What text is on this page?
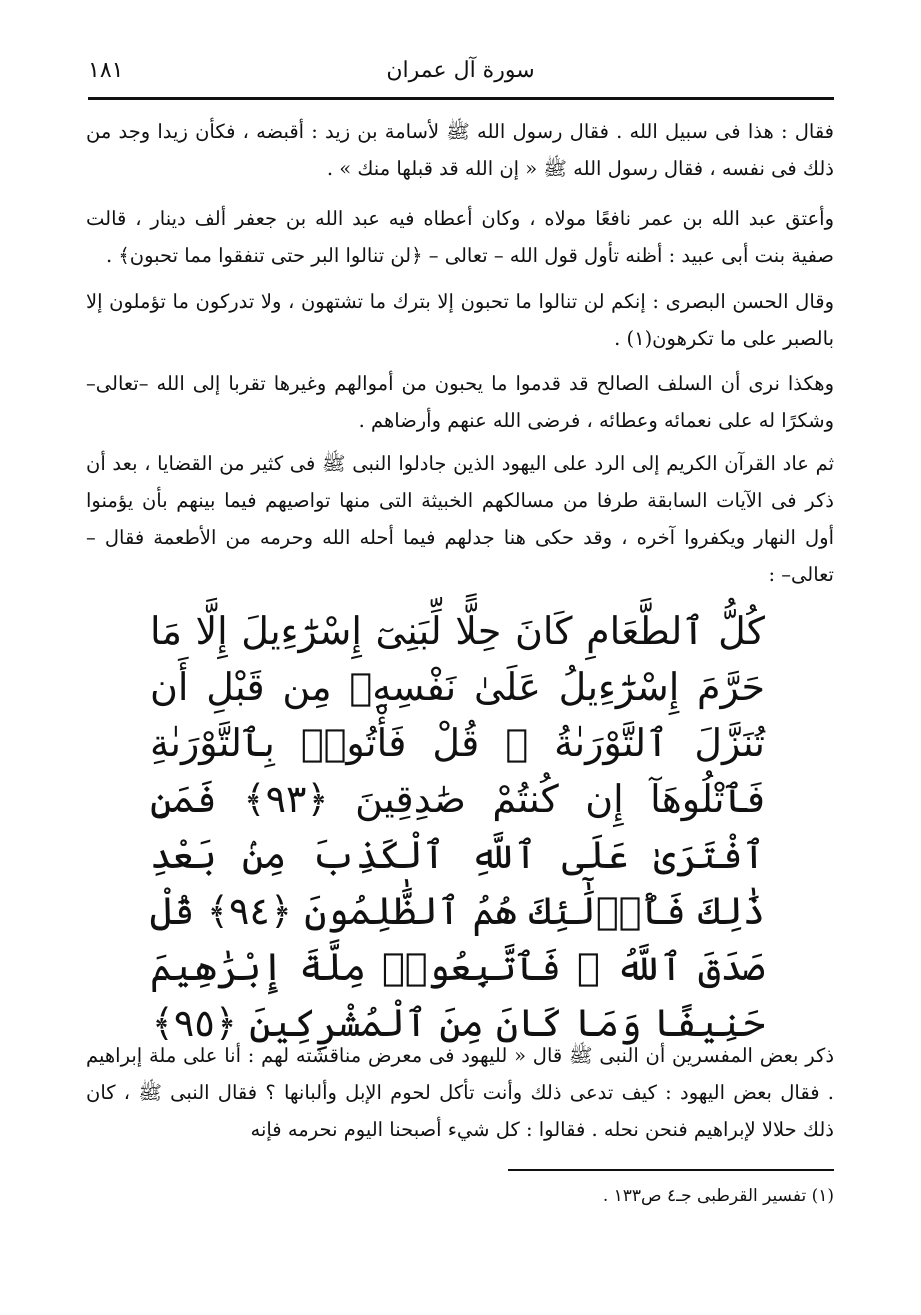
١٨١	سورة آل عمران

فقال : هذا فى سبيل الله . فقال رسول الله ﷺ لأسامة بن زيد : أقبضه ، فكأن زيدا وجد من ذلك فى نفسه ، فقال رسول الله ﷺ « إن الله قد قبلها منك » .

وأعتق عبد الله بن عمر نافعًا مولاه ، وكان أعطاه فيه عبد الله بن جعفر ألف دينار ، قالت صفية بنت أبى عبيد : أظنه تأول قول الله – تعالى – ﴿لن تنالوا البر حتى تنفقوا مما تحبون﴾ .

وقال الحسن البصرى : إنكم لن تنالوا ما تحبون إلا بترك ما تشتهون ، ولا تدركون ما تؤملون إلا بالصبر على ما تكرهون(١) .

وهكذا نرى أن السلف الصالح قد قدموا ما يحبون من أموالهم وغيرها تقربا إلى الله –تعالى– وشكرًا له على نعمائه وعطائه ، فرضى الله عنهم وأرضاهم .

ثم عاد القرآن الكريم إلى الرد على اليهود الذين جادلوا النبى ﷺ فى كثير من القضايا ، بعد أن ذكر فى الآيات السابقة طرفا من مسالكهم الخبيثة التى منها تواصيهم فيما بينهم بأن يؤمنوا أول النهار ويكفروا آخره ، وقد حكى هنا جدلهم فيما أحله الله وحرمه من الأطعمة فقال –تعالى– :

كُلُّ ٱلطَّعَامِ كَانَ حِلًّا لِّبَنِىٓ إِسْرَٰٓءِيلَ إِلَّا مَا حَرَّمَ إِسْرَٰٓءِيلُ عَلَىٰ نَفْسِهِۦ مِن قَبْلِ أَن تُنَزَّلَ ٱلتَّوْرَىٰةُ ۗ قُلْ فَأْتُوا۟ بِٱلتَّوْرَىٰةِ فَٱتْلُوهَآ إِن كُنتُمْ صَٰدِقِينَ ﴿٩٣﴾ فَمَنِ ٱفْتَرَىٰ عَلَى ٱللَّهِ ٱلْكَذِبَ مِنۢ بَعْدِ ذَٰلِكَ فَأُو۟لَٰٓئِكَ هُمُ ٱلظَّٰلِمُونَ ﴿٩٤﴾ قُلْ صَدَقَ ٱللَّهُ ۗ فَٱتَّبِعُوا۟ مِلَّةَ إِبْرَٰهِيمَ حَنِيفًا وَمَا كَانَ مِنَ ٱلْمُشْرِكِينَ ﴿٩٥﴾

ذكر بعض المفسرين أن النبى ﷺ قال « لليهود فى معرض مناقشته لهم : أنا على ملة إبراهيم . فقال بعض اليهود : كيف تدعى ذلك وأنت تأكل لحوم الإبل وألبانها ؟ فقال النبى ﷺ ، كان ذلك حلالا لإبراهيم فنحن نحله . فقالوا : كل شيء أصبحنا اليوم نحرمه فإنه

(١) تفسير القرطبى جـ٤ ص١٣٣ .
